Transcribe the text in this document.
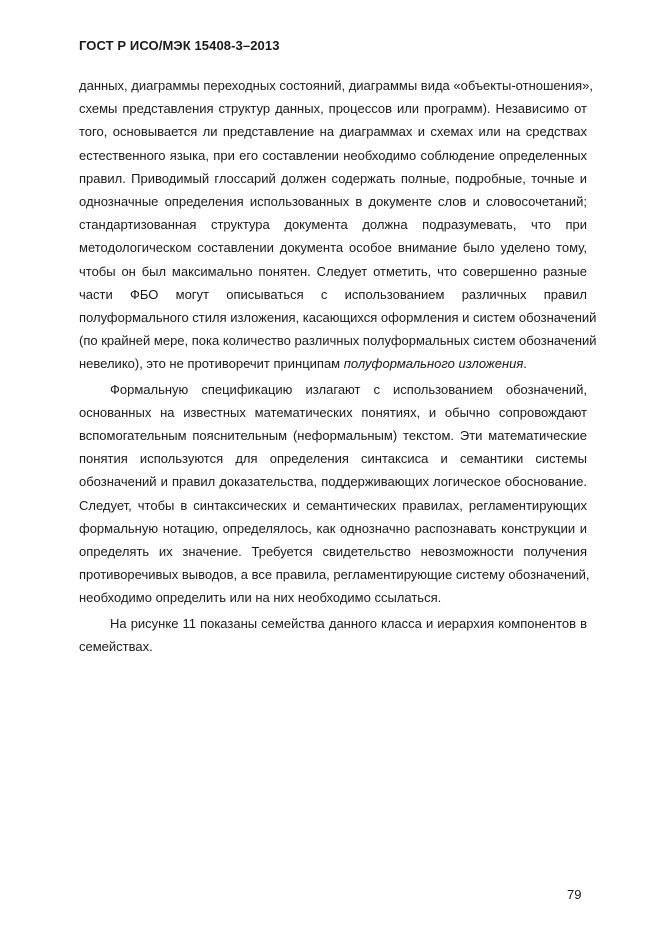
ГОСТ Р ИСО/МЭК 15408-3–2013
данных, диаграммы переходных состояний, диаграммы вида «объекты-отношения»,
схемы представления структур данных, процессов или программ). Независимо от
того, основывается ли представление на диаграммах и схемах или на средствах
естественного языка, при его составлении необходимо соблюдение определенных
правил. Приводимый глоссарий должен содержать полные, подробные, точные и
однозначные определения использованных в документе слов и словосочетаний;
стандартизованная структура документа должна подразумевать, что при
методологическом составлении документа особое внимание было уделено тому,
чтобы он был максимально понятен. Следует отметить, что совершенно разные
части ФБО могут описываться с использованием различных правил
полуформального стиля изложения, касающихся оформления и систем обозначений
(по крайней мере, пока количество различных полуформальных систем обозначений
невелико), это не противоречит принципам полуформального изложения.
Формальную спецификацию излагают с использованием обозначений,
основанных на известных математических понятиях, и обычно сопровождают
вспомогательным пояснительным (неформальным) текстом. Эти математические
понятия используются для определения синтаксиса и семантики системы
обозначений и правил доказательства, поддерживающих логическое обоснование.
Следует, чтобы в синтаксических и семантических правилах, регламентирующих
формальную нотацию, определялось, как однозначно распознавать конструкции и
определять их значение. Требуется свидетельство невозможности получения
противоречивых выводов, а все правила, регламентирующие систему обозначений,
необходимо определить или на них необходимо ссылаться.
На рисунке 11 показаны семейства данного класса и иерархия компонентов в
семействах.
79
